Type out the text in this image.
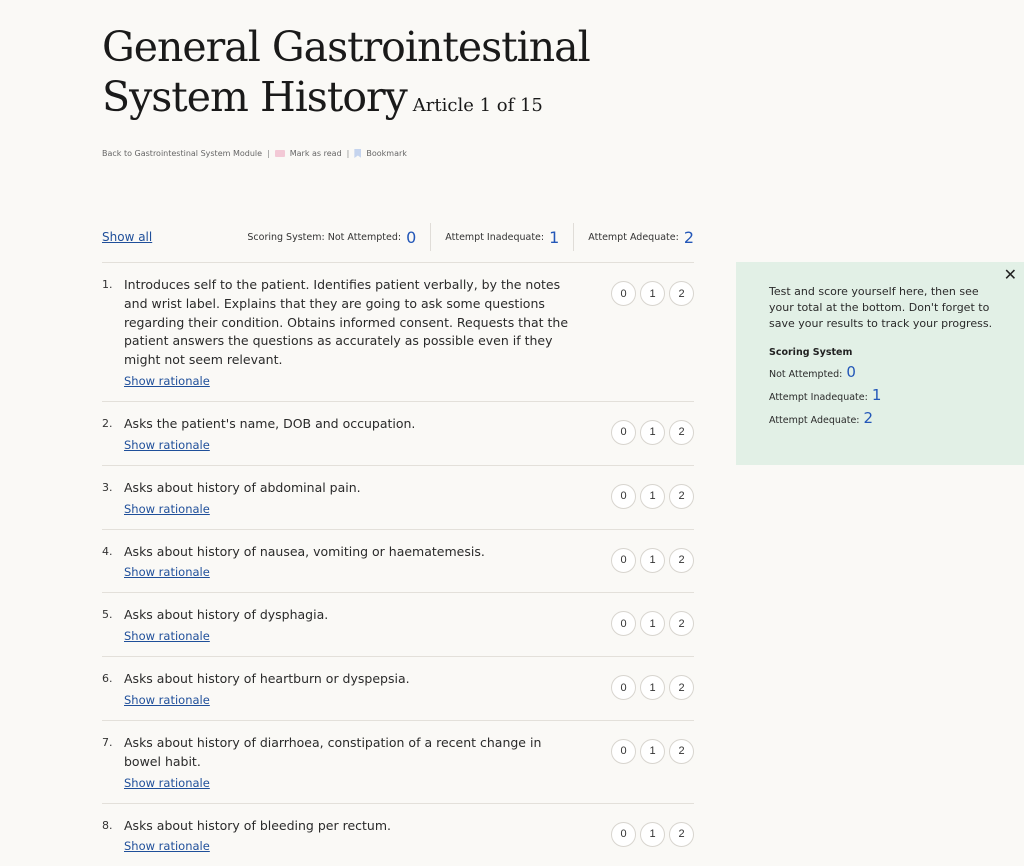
General Gastrointestinal
System History Article 1 of 15
Back to Gastrointestinal System Module |	Mark as read | Bookmark
Show all	Scoring System:
Not Attempted: 0	Attempt Inadequate: 1	Attempt Adequate: 2
1. Introduces self to the patient. Identifies patient verbally, by the notes and wrist label. Explains that they are going to ask some questions regarding their condition. Obtains informed consent. Requests that the patient answers the questions as accurately as possible even if they might not seem relevant.

Show rationale
0	1	2
2. Asks the patient's name, DOB and occupation.

Show rationale
0	1	2
3. Asks about history of abdominal pain.

Show rationale
0	1	2
4. Asks about history of nausea, vomiting or haematemesis.

Show rationale
0	1	2
5. Asks about history of dysphagia.

Show rationale
0	1	2
6. Asks about history of heartburn or dyspepsia.

Show rationale
0	1	2
7. Asks about history of diarrhoea, constipation of a recent change in bowel habit.

Show rationale
0	1	2
8. Asks about history of bleeding per rectum.

Show rationale
0	1	2
✕

Test and score yourself here, then see your total at the bottom. Don't forget to save your results to track your progress.

Scoring System
Not Attempted: 0
Attempt Inadequate: 1
Attempt Adequate: 2
